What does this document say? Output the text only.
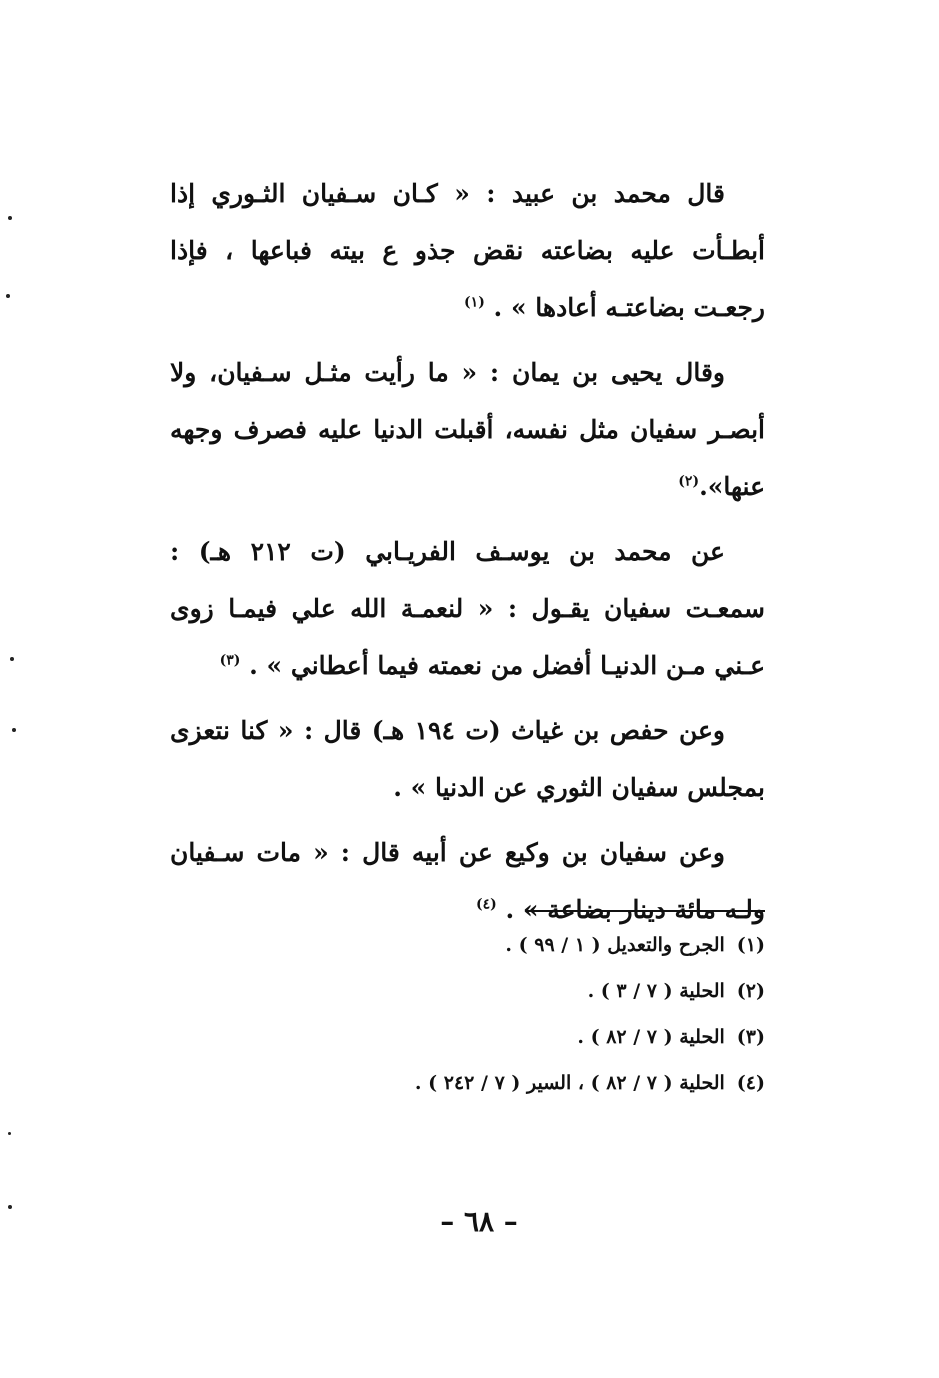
قال محمد بن عبيد : « كـان سـفيان الثـوري إذا أبطـأت عليه بضاعته نقض جذو ع بيته فباعها ، فإذا رجعـت بضاعتـه أعادها » . $^{(١)}$

وقال يحيى بن يمان : « ما رأيت مثـل سـفيان، ولا أبصـر سفيان مثل نفسه، أقبلت الدنيا عليه فصرف وجهه عنها».$^{(٢)}$

عن محمد بن يوسـف الفريـابي (ت ٢١٢ هـ) : سمعـت سفيان يقـول : « لنعمـة الله علي فيمـا زوى عـني مـن الدنيـا أفضل من نعمته فيما أعطاني » . $^{(٣)}$

وعن حفص بن غياث (ت ١٩٤ هـ) قال : « كنا نتعزى بمجلس سفيان الثوري عن الدنيا » .

وعن سفيان بن وكيع عن أبيه قال : « مات سـفيان ولـه مائة دينار بضاعة » . $^{(٤)}$

(١)الجرح والتعديل ( ١ / ٩٩ ) .
(٢)الحلية ( ٧ / ٣ ) .
(٣)الحلية ( ٧ / ٨٢ ) .
(٤)الحلية ( ٧ / ٨٢ ) ، السير ( ٧ / ٢٤٢ ) .
– ٦٨ –
